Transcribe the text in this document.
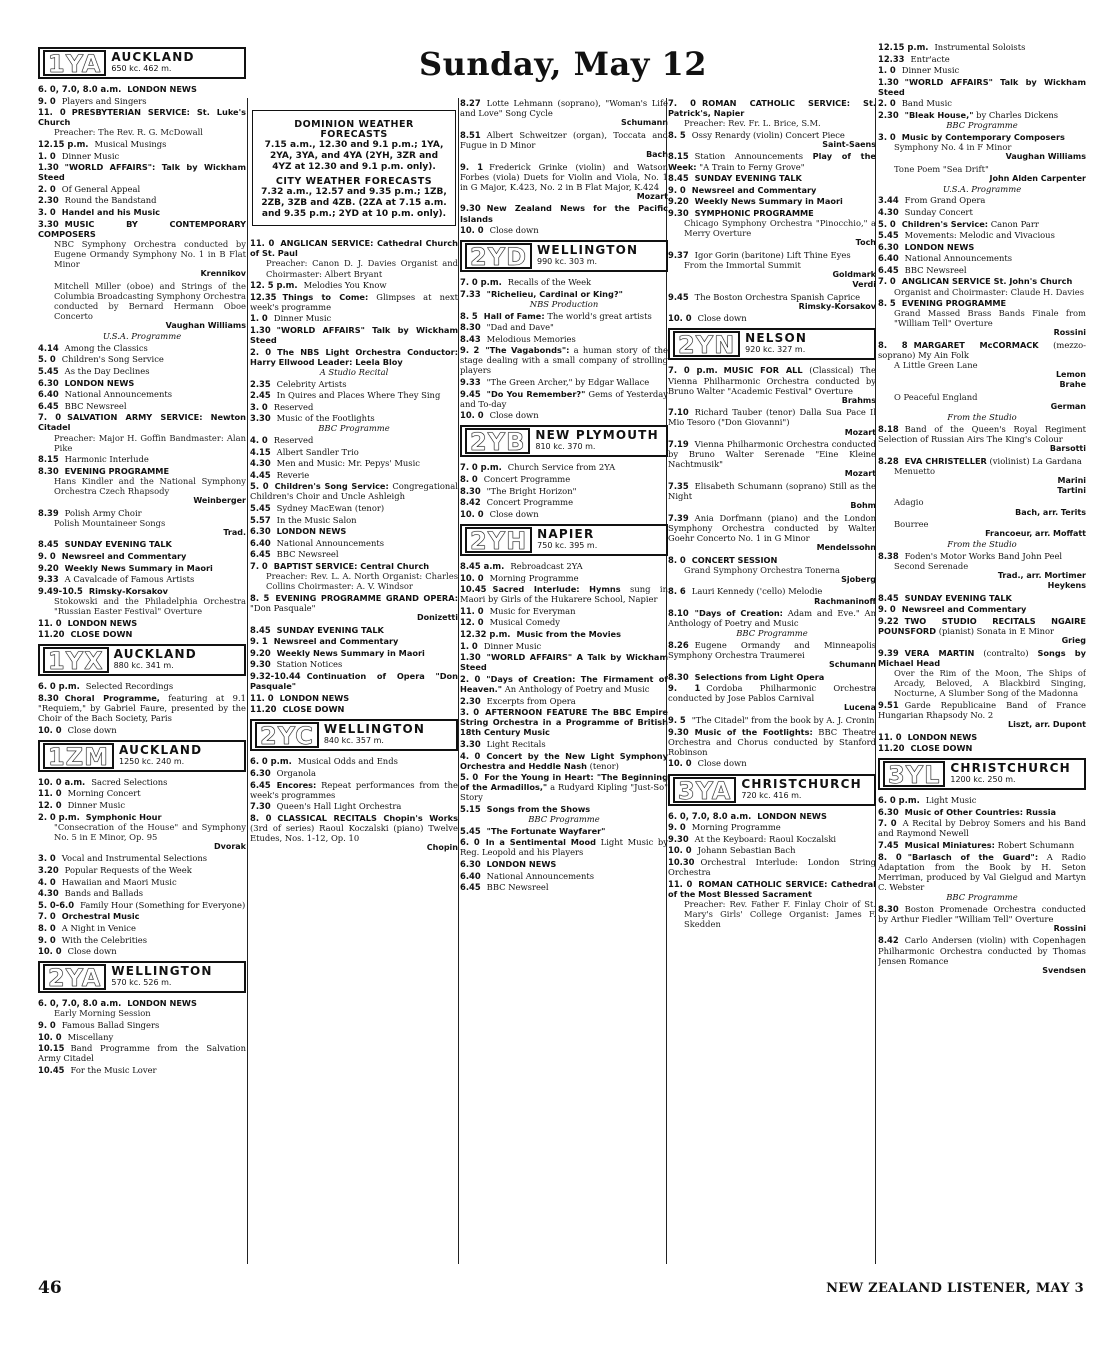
Sunday, May 12
1YA AUCKLAND
650 kc. 462 m.
6. 0, 7.0, 8.0 a.m. LONDON NEWS
9. 0 Players and Singers
11. 0 PRESBYTERIAN SERVICE: St. Luke's Church
Preacher: The Rev. R. G. McDowall
12.15 p.m. Musical Musings
1. 0 Dinner Music
1.30 "WORLD AFFAIRS": Talk by Wickham Steed
2. 0 Of General Appeal
2.30 Round the Bandstand
3. 0 Handel and his Music
3.30 MUSIC BY CONTEMPORARY COMPOSERS
NBC Symphony Orchestra conducted by Eugene Ormandy Symphony No. 1 in B Flat Minor
Krennikov
Mitchell Miller (oboe) and Strings of the Columbia Broadcasting Symphony Orchestra conducted by Bernard Hermann Oboe Concerto
Vaughan Williams
U.S.A. Programme
4.14 Among the Classics
5. 0 Children's Song Service
5.45 As the Day Declines
6.30 LONDON NEWS
6.40 National Announcements
6.45 BBC Newsreel
7. 0 SALVATION ARMY SERVICE: Newton Citadel
Preacher: Major H. Goffin Bandmaster: Alan Pike
8.15 Harmonic Interlude
8.30 EVENING PROGRAMME
Hans Kindler and the National Symphony Orchestra Czech Rhapsody
Weinberger
8.39 Polish Army Choir
Polish Mountaineer Songs
Trad.
8.45 SUNDAY EVENING TALK
9. 0 Newsreel and Commentary
9.20 Weekly News Summary in Maori
9.33 A Cavalcade of Famous Artists
9.49-10.5 Rimsky-Korsakov
Stokowski and the Philadelphia Orchestra "Russian Easter Festival" Overture
11. 0 LONDON NEWS
11.20 CLOSE DOWN
1YX AUCKLAND
880 kc. 341 m.
6. 0 p.m. Selected Recordings
8.30 Choral Programme, featuring at 9.1 "Requiem," by Gabriel Faure, presented by the Choir of the Bach Society, Paris
10. 0 Close down
1ZM AUCKLAND
1250 kc. 240 m.
10. 0 a.m. Sacred Selections
11. 0 Morning Concert
12. 0 Dinner Music
2. 0 p.m. Symphonic Hour
"Consecration of the House" and Symphony No. 5 in E Minor, Op. 95
Dvorak
3. 0 Vocal and Instrumental Selections
3.20 Popular Requests of the Week
4. 0 Hawaiian and Maori Music
4.30 Bands and Ballads
5. 0-6.0 Family Hour (Something for Everyone)
7. 0 Orchestral Music
8. 0 A Night in Venice
9. 0 With the Celebrities
10. 0 Close down
2YA WELLINGTON
570 kc. 526 m.
6. 0, 7.0, 8.0 a.m. LONDON NEWS
Early Morning Session
9. 0 Famous Ballad Singers
10. 0 Miscellany
10.15 Band Programme from the Salvation Army Citadel
10.45 For the Music Lover
DOMINION WEATHER FORECASTS
7.15 a.m., 12.30 and 9.1 p.m.; 1YA, 2YA, 3YA, and 4YA (2YH, 3ZR and 4YZ at 12.30 and 9.1 p.m. only).
CITY WEATHER FORECASTS
7.32 a.m., 12.57 and 9.35 p.m.; 1ZB, 2ZB, 3ZB and 4ZB. (2ZA at 7.15 a.m. and 9.35 p.m.; 2YD at 10 p.m. only).
11. 0 ANGLICAN SERVICE: Cathedral Church of St. Paul
Preacher: Canon D. J. Davies Organist and Choirmaster: Albert Bryant
12. 5 p.m. Melodies You Know
12.35 Things to Come: Glimpses at next week's programme
1. 0 Dinner Music
1.30 "WORLD AFFAIRS" Talk by Wickham Steed
2. 0 The NBS Light Orchestra Conductor: Harry Ellwood Leader: Leela Bloy
A Studio Recital
2.35 Celebrity Artists
2.45 In Quires and Places Where They Sing
3. 0 Reserved
3.30 Music of the Footlights
BBC Programme
4. 0 Reserved
4.15 Albert Sandler Trio
4.30 Men and Music: Mr. Pepys' Music
4.45 Reverie
5. 0 Children's Song Service: Congregational Children's Choir and Uncle Ashleigh
5.45 Sydney MacEwan (tenor)
5.57 In the Music Salon
6.30 LONDON NEWS
6.40 National Announcements
6.45 BBC Newsreel
7. 0 BAPTIST SERVICE: Central Church
Preacher: Rev. L. A. North Organist: Charles Collins Choirmaster: A. V. Windsor
8. 5 EVENING PROGRAMME GRAND OPERA: "Don Pasquale"
Donizetti
8.45 SUNDAY EVENING TALK
9. 1 Newsreel and Commentary
9.20 Weekly News Summary in Maori
9.30 Station Notices
9.32-10.44 Continuation of Opera "Don Pasquale"
11. 0 LONDON NEWS
11.20 CLOSE DOWN
2YC WELLINGTON
840 kc. 357 m.
6. 0 p.m. Musical Odds and Ends
6.30 Organola
6.45 Encores: Repeat performances from the week's programmes
7.30 Queen's Hall Light Orchestra
8. 0 CLASSICAL RECITALS Chopin's Works (3rd of series) Raoul Koczalski (piano) Twelve Etudes, Nos. 1-12, Op. 10
Chopin
8.27 Lotte Lehmann (soprano), "Woman's Life and Love" Song Cycle
Schumann
8.51 Albert Schweitzer (organ), Toccata and Fugue in D Minor
Bach
9. 1 Frederick Grinke (violin) and Watson Forbes (viola) Duets for Violin and Viola, No. 1 in G Major, K.423, No. 2 in B Flat Major, K.424
Mozart
9.30 New Zealand News for the Pacific Islands
10. 0 Close down
2YD WELLINGTON
990 kc. 303 m.
7. 0 p.m. Recalls of the Week
7.33 "Richelieu, Cardinal or King?"
NBS Production
8. 5 Hall of Fame: The world's great artists
8.30 "Dad and Dave"
8.43 Melodious Memories
9. 2 "The Vagabonds": a human story of the stage dealing with a small company of strolling players
9.33 "The Green Archer," by Edgar Wallace
9.45 "Do You Remember?" Gems of Yesterday and To-day
10. 0 Close down
2YB NEW PLYMOUTH
810 kc. 370 m.
7. 0 p.m. Church Service from 2YA
8. 0 Concert Programme
8.30 "The Bright Horizon"
8.42 Concert Programme
10. 0 Close down
2YH NAPIER
750 kc. 395 m.
8.45 a.m. Rebroadcast 2YA
10. 0 Morning Programme
10.45 Sacred Interlude: Hymns sung in Maori by Girls of the Hukarere School, Napier
11. 0 Music for Everyman
12. 0 Musical Comedy
12.32 p.m. Music from the Movies
1. 0 Dinner Music
1.30 "WORLD AFFAIRS" A Talk by Wickham Steed
2. 0 "Days of Creation: The Firmament of Heaven." An Anthology of Poetry and Music
2.30 Excerpts from Opera
3. 0 AFTERNOON FEATURE The BBC Empire String Orchestra in a Programme of British 18th Century Music
3.30 Light Recitals
4. 0 Concert by the New Light Symphony Orchestra and Heddle Nash (tenor)
5. 0 For the Young in Heart: "The Beginning of the Armadillos," a Rudyard Kipling "Just-So" Story
5.15 Songs from the Shows
BBC Programme
5.45 "The Fortunate Wayfarer"
6. 0 In a Sentimental Mood Light Music by Reg. Leopold and his Players
6.30 LONDON NEWS
6.40 National Announcements
6.45 BBC Newsreel
7. 0 ROMAN CATHOLIC SERVICE: St. Patrick's, Napier
Preacher: Rev. Fr. L. Brice, S.M.
8. 5 Ossy Renardy (violin) Concert Piece
Saint-Saens
8.15 Station Announcements Play of the Week: "A Train to Ferny Grove"
8.45 SUNDAY EVENING TALK
9. 0 Newsreel and Commentary
9.20 Weekly News Summary in Maori
9.30 SYMPHONIC PROGRAMME
Chicago Symphony Orchestra "Pinocchio," a Merry Overture
Toch
9.37 Igor Gorin (baritone) Lift Thine Eyes
From the Immortal Summit
Goldmark
Verdi
9.45 The Boston Orchestra Spanish Caprice
Rimsky-Korsakov
10. 0 Close down
2YN NELSON
920 kc. 327 m.
7. 0 p.m. MUSIC FOR ALL (Classical) The Vienna Philharmonic Orchestra conducted by Bruno Walter "Academic Festival" Overture
Brahms
7.10 Richard Tauber (tenor) Dalla Sua Pace Il Mio Tesoro ("Don Giovanni")
Mozart
7.19 Vienna Philharmonic Orchestra conducted by Bruno Walter Serenade "Eine Kleine Nachtmusik"
Mozart
7.35 Elisabeth Schumann (soprano) Still as the Night
Bohm
7.39 Ania Dorfmann (piano) and the London Symphony Orchestra conducted by Walter Goehr Concerto No. 1 in G Minor
Mendelssohn
8. 0 CONCERT SESSION
Grand Symphony Orchestra Tonerna
Sjoberg
8. 6 Lauri Kennedy ('cello) Melodie
Rachmaninoff
8.10 "Days of Creation: Adam and Eve." An Anthology of Poetry and Music
BBC Programme
8.26 Eugene Ormandy and Minneapolis Symphony Orchestra Traumerei
Schumann
8.30 Selections from Light Opera
9. 1 Cordoba Philharmonic Orchestra conducted by Jose Pablos Carnival
Lucena
9. 5 "The Citadel" from the book by A. J. Cronin
9.30 Music of the Footlights: BBC Theatre Orchestra and Chorus conducted by Stanford Robinson
10. 0 Close down
3YA CHRISTCHURCH
720 kc. 416 m.
6. 0, 7.0, 8.0 a.m. LONDON NEWS
9. 0 Morning Programme
9.30 At the Keyboard: Raoul Koczalski
10. 0 Johann Sebastian Bach
10.30 Orchestral Interlude: London String Orchestra
11. 0 ROMAN CATHOLIC SERVICE: Cathedral of the Most Blessed Sacrament
Preacher: Rev. Father F. Finlay Choir of St. Mary's Girls' College Organist: James F. Skedden
12.15 p.m. Instrumental Soloists
12.33 Entr'acte
1. 0 Dinner Music
1.30 "WORLD AFFAIRS" Talk by Wickham Steed
2. 0 Band Music
2.30 "Bleak House," by Charles Dickens
BBC Programme
3. 0 Music by Contemporary Composers
Symphony No. 4 in F Minor
Vaughan Williams
Tone Poem "Sea Drift"
John Alden Carpenter
U.S.A. Programme
3.44 From Grand Opera
4.30 Sunday Concert
5. 0 Children's Service: Canon Parr
5.45 Movements: Melodic and Vivacious
6.30 LONDON NEWS
6.40 National Announcements
6.45 BBC Newsreel
7. 0 ANGLICAN SERVICE St. John's Church
Organist and Choirmaster: Claude H. Davies
8. 5 EVENING PROGRAMME
Grand Massed Brass Bands Finale from "William Tell" Overture
Rossini
8. 8 MARGARET McCORMACK (mezzo-soprano) My Ain Folk
A Little Green Lane
Lemon
Brahe
O Peaceful England
German
From the Studio
8.18 Band of the Queen's Royal Regiment Selection of Russian Airs The King's Colour
Barsotti
8.28 EVA CHRISTELLER (violinist) La Gardana
Menuetto
Marini
Tartini
Adagio
Bach, arr. Terits
Bourree
Francoeur, arr. Moffatt
From the Studio
8.38 Foden's Motor Works Band John Peel
Second Serenade
Trad., arr. Mortimer
Heykens
8.45 SUNDAY EVENING TALK
9. 0 Newsreel and Commentary
9.22 TWO STUDIO RECITALS NGAIRE POUNSFORD (pianist) Sonata in E Minor
Grieg
9.39 VERA MARTIN (contralto) Songs by Michael Head
Over the Rim of the Moon, The Ships of Arcady, Beloved, A Blackbird Singing, Nocturne, A Slumber Song of the Madonna
9.51 Garde Republicaine Band of France Hungarian Rhapsody No. 2
Liszt, arr. Dupont
11. 0 LONDON NEWS
11.20 CLOSE DOWN
3YL CHRISTCHURCH
1200 kc. 250 m.
6. 0 p.m. Light Music
6.30 Music of Other Countries: Russia
7. 0 A Recital by Debroy Somers and his Band and Raymond Newell
7.45 Musical Miniatures: Robert Schumann
8. 0 "Barlasch of the Guard": A Radio Adaptation from the Book by H. Seton Merriman, produced by Val Gielgud and Martyn C. Webster
BBC Programme
8.30 Boston Promenade Orchestra conducted by Arthur Fiedler "William Tell" Overture
Rossini
8.42 Carlo Andersen (violin) with Copenhagen Philharmonic Orchestra conducted by Thomas Jensen Romance
Svendsen
46	NEW ZEALAND LISTENER, MAY 3
